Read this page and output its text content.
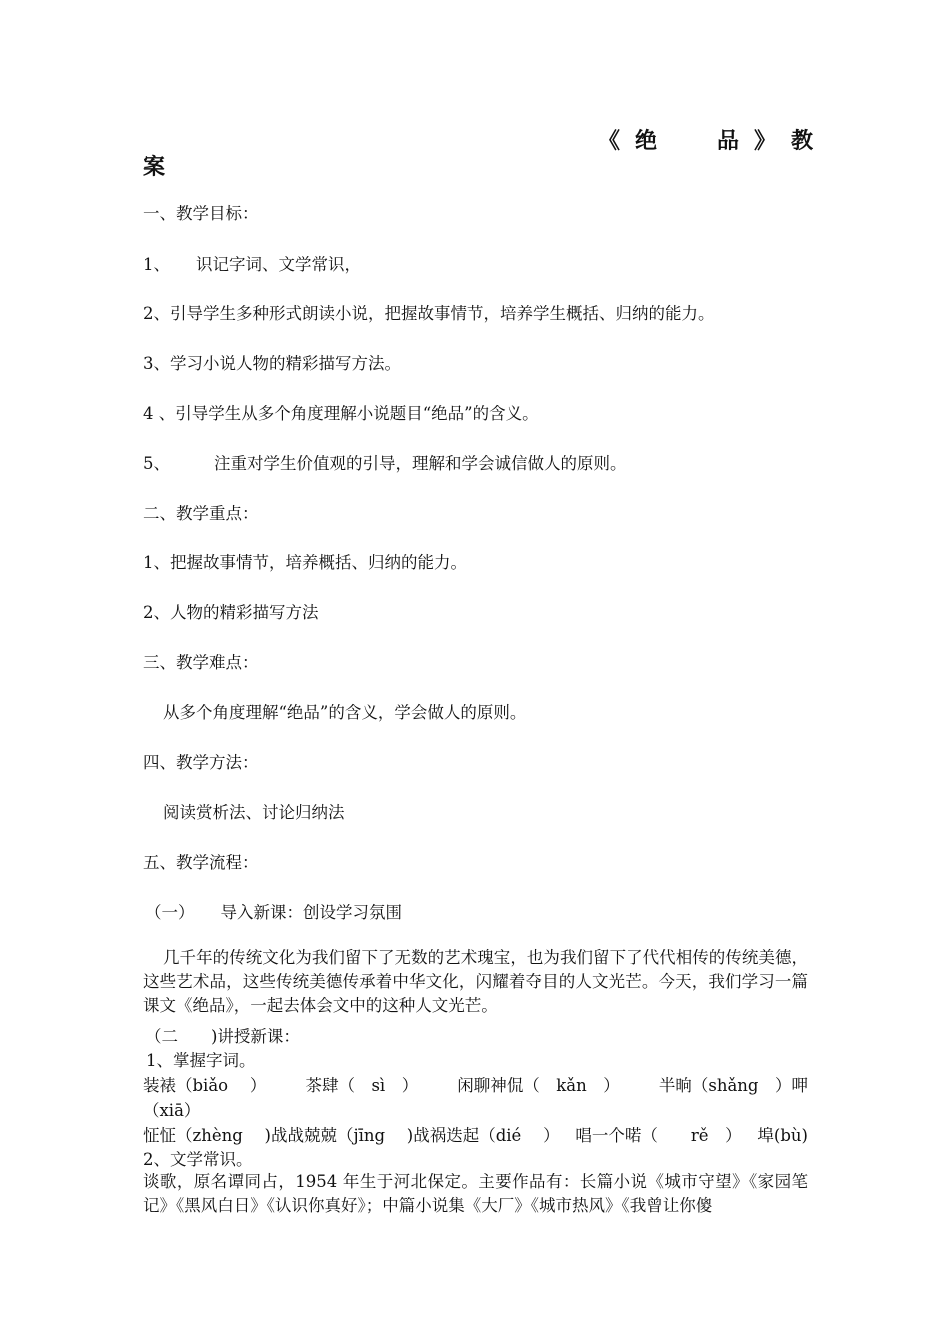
《 绝	品 》 教
案
一、教学目标：
1、 识记字词、文学常识，
2、引导学生多种形式朗读小说，把握故事情节，培养学生概括、归纳的能力。
3、学习小说人物的精彩描写方法。
4 、引导学生从多个角度理解小说题目“绝品”的含义。
5、	注重对学生价值观的引导，理解和学会诚信做人的原则。
二、教学重点：
1、把握故事情节，培养概括、归纳的能力。
2、人物的精彩描写方法
三、教学难点：
从多个角度理解“绝品”的含义，学会做人的原则。
四、教学方法：
阅读赏析法、讨论归纳法
五、教学流程：
（一） 导入新课：创设学习氛围
几千年的传统文化为我们留下了无数的艺术瑰宝，也为我们留下了代代相传的传统美德，这些艺术品，这些传统美德传承着中华文化，闪耀着夺目的人文光芒。今天，我们学习一篇课文《绝品》，一起去体会文中的这种人文光芒。
（二　　)讲授新课：
1、掌握字词。
装裱（biǎo　 ） 茶肆（　sì　） 闲聊神侃（　kǎn　） 半晌（shǎng　）呷
（xiā）
怔怔（zhèng　 )战战兢兢（jīng　 )战祸迭起（dié　 ） 唱一个喏（　　rě　） 埠(bù)
2、文学常识。
谈歌，原名谭同占，1954 年生于河北保定。主要作品有：长篇小说《城市守望》《家园笔记》《黑风白日》《认识你真好》；中篇小说集《大厂》《城市热风》《我曾让你傻
